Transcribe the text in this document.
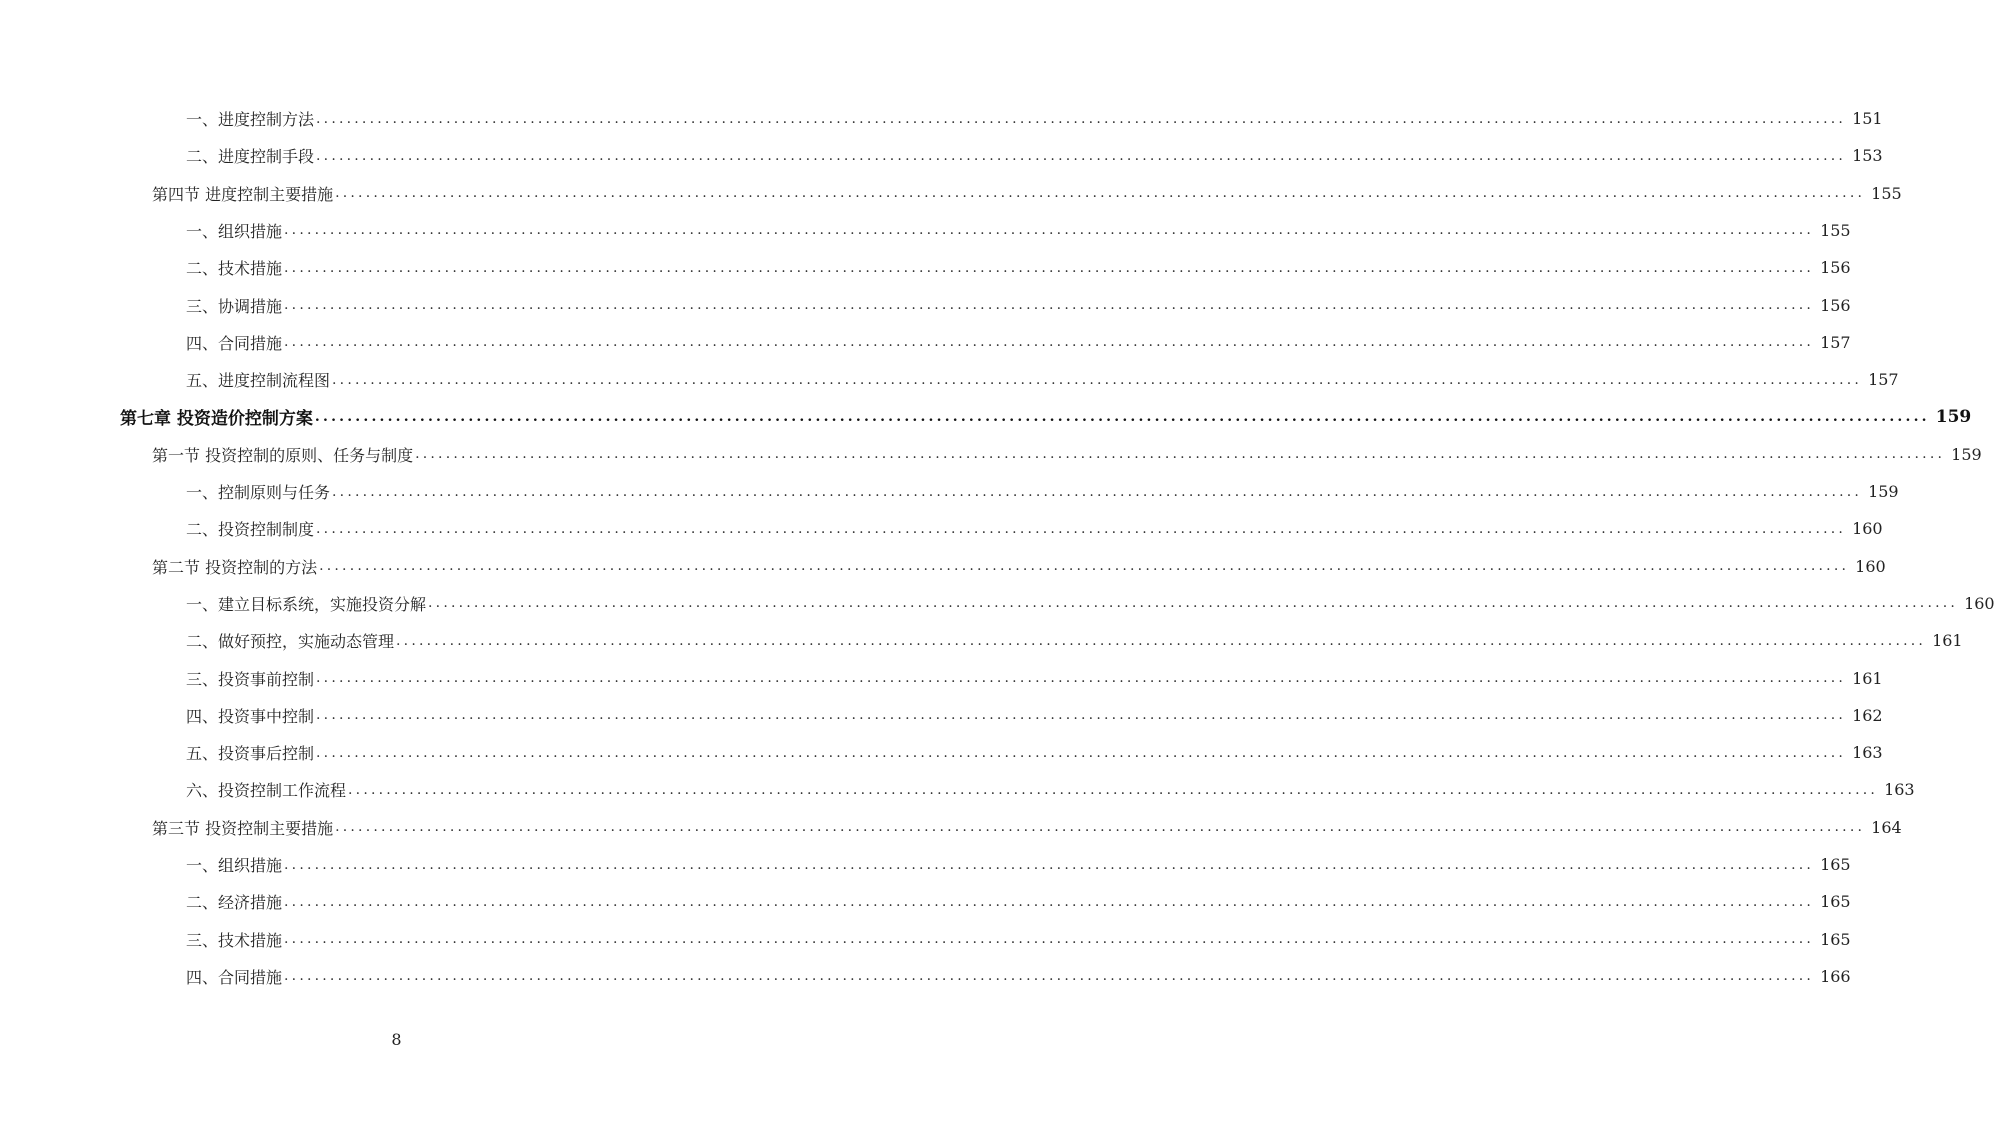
一、进度控制方法 ........................................................................................................................................................................................................ 151
二、进度控制手段 ........................................................................................................................................................................................................ 153
第四节 进度控制主要措施 ........................................................................................................................................................................................................ 155
一、组织措施 ........................................................................................................................................................................................................ 155
二、技术措施 ........................................................................................................................................................................................................ 156
三、协调措施 ........................................................................................................................................................................................................ 156
四、合同措施 ........................................................................................................................................................................................................ 157
五、进度控制流程图 ........................................................................................................................................................................................................ 157
第七章 投资造价控制方案 ........................................................................................................................................................................................................ 159
第一节 投资控制的原则、任务与制度 ........................................................................................................................................................................................................ 159
一、控制原则与任务 ........................................................................................................................................................................................................ 159
二、投资控制制度 ........................................................................................................................................................................................................ 160
第二节 投资控制的方法 ........................................................................................................................................................................................................ 160
一、建立目标系统，实施投资分解 ........................................................................................................................................................................................................ 160
二、做好预控，实施动态管理 ........................................................................................................................................................................................................ 161
三、投资事前控制 ........................................................................................................................................................................................................ 161
四、投资事中控制 ........................................................................................................................................................................................................ 162
五、投资事后控制 ........................................................................................................................................................................................................ 163
六、投资控制工作流程 ........................................................................................................................................................................................................ 163
第三节 投资控制主要措施 ........................................................................................................................................................................................................ 164
一、组织措施 ........................................................................................................................................................................................................ 165
二、经济措施 ........................................................................................................................................................................................................ 165
三、技术措施 ........................................................................................................................................................................................................ 165
四、合同措施 ........................................................................................................................................................................................................ 166
8
